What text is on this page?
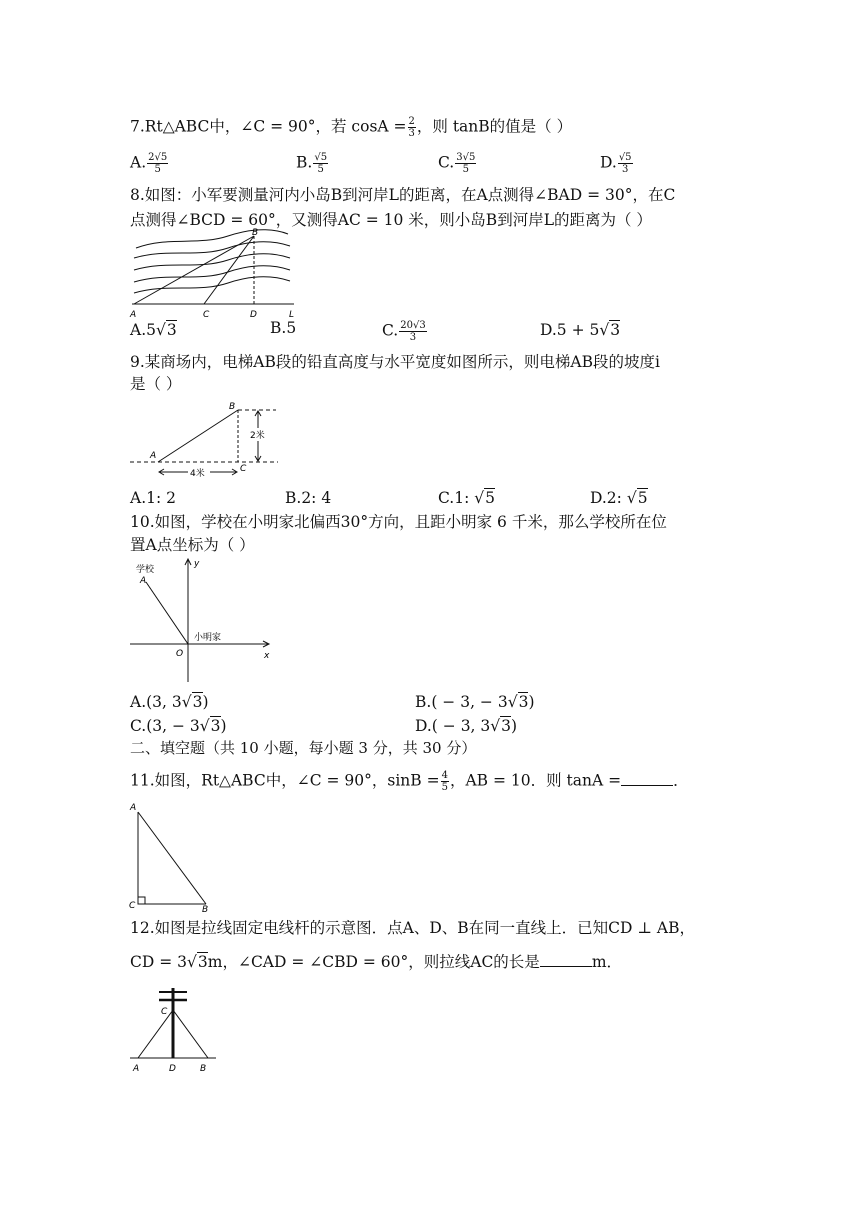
7.Rt△ABC中，∠C = 90°，若 $\cos A = \frac{2}{3}$ ，则 tanB的值是（ ）
A. $\frac{2√5}{5}$	B. $\frac{√5}{5}$	C. $\frac{3√5}{5}$	D. $\frac{√5}{3}$
8.如图：小军要测量河内小岛B到河岸L的距离，在A点测得∠BAD = 30°，在C
点测得∠BCD = 60°，又测得AC = 10 米，则小岛B到河岸L的距离为（ ）
B
A	C	D	L
A.5 √ 3	B.5	C. $\frac{20√3}{3}$	D.5 + 5 √ 3
9.某商场内，电梯AB段的铅直高度与水平宽度如图所示，则电梯AB段的坡度i
是（ ）
B
A
C
2米
4米
A.1: 2	B.2: 4	C.1: √ 5	D.2: √ 5
10.如图，学校在小明家北偏西30°方向，且距小明家 6 千米，那么学校所在位
置A点坐标为（ ）
学校
A
y
x
O
小明家
A.(3, 3 √ 3)	B.( − 3, − 3 √ 3)
C.(3, − 3 √ 3)	D.( − 3, 3 √ 3)
二、填空题（共 10 小题，每小题 3 分，共 30 分）
11.如图，Rt△ABC中，∠C = 90°，$\sin B = \frac{4}{5}$ ，AB = 10．则 tanA =	．
A
C	B
12.如图是拉线固定电线杆的示意图．点A、D、B在同一直线上．已知CD ⊥ AB，
CD = 3 √ 3m，∠CAD = ∠CBD = 60°，则拉线AC的长是	m．
C
A	D	B
